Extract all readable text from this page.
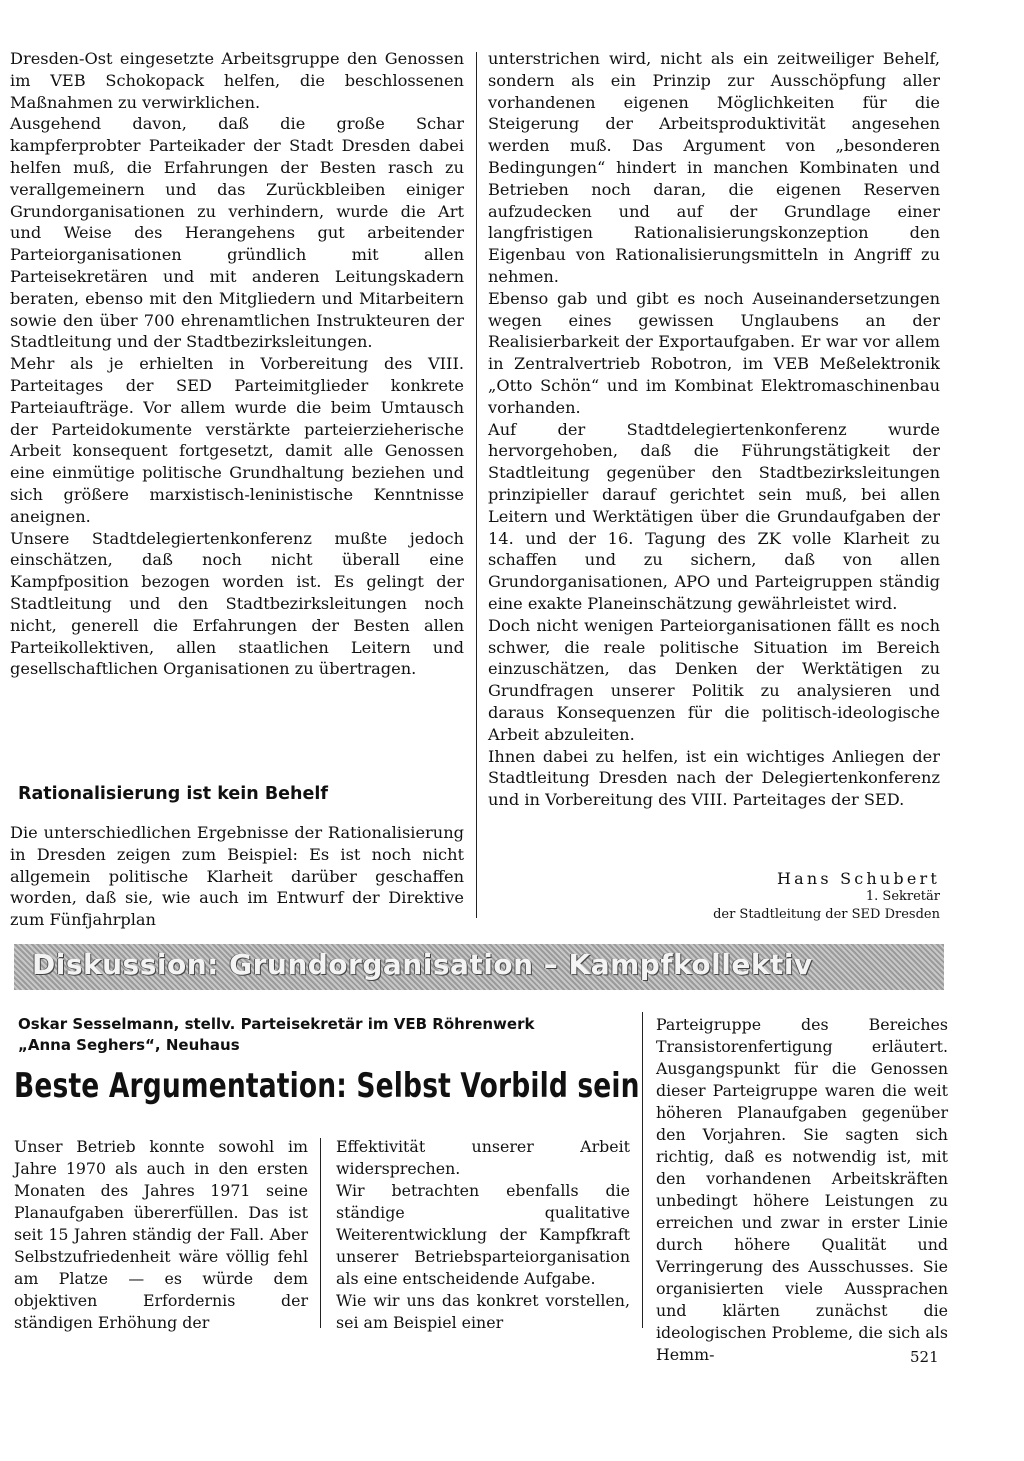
Dresden-Ost eingesetzte Arbeitsgruppe den Genossen im VEB Schokopack helfen, die beschlossenen Maßnahmen zu verwirklichen.

Ausgehend davon, daß die große Schar kampferprobter Parteikader der Stadt Dresden dabei helfen muß, die Erfahrungen der Besten rasch zu verallgemeinern und das Zurückbleiben einiger Grundorganisationen zu verhindern, wurde die Art und Weise des Herangehens gut arbeitender Parteiorganisationen gründlich mit allen Parteisekretären und mit anderen Leitungskadern beraten, ebenso mit den Mitgliedern und Mitarbeitern sowie den über 700 ehrenamtlichen Instrukteuren der Stadtleitung und der Stadtbezirksleitungen.

Mehr als je erhielten in Vorbereitung des VIII. Parteitages der SED Parteimitglieder konkrete Parteiaufträge. Vor allem wurde die beim Umtausch der Parteidokumente verstärkte parteierzieherische Arbeit konsequent fortgesetzt, damit alle Genossen eine einmütige politische Grundhaltung beziehen und sich größere marxistisch-leninistische Kenntnisse aneignen.

Unsere Stadtdelegiertenkonferenz mußte jedoch einschätzen, daß noch nicht überall eine Kampfposition bezogen worden ist. Es gelingt der Stadtleitung und den Stadtbezirksleitungen noch nicht, generell die Erfahrungen der Besten allen Parteikollektiven, allen staatlichen Leitern und gesellschaftlichen Organisationen zu übertragen.

Rationalisierung ist kein Behelf

Die unterschiedlichen Ergebnisse der Rationalisierung in Dresden zeigen zum Beispiel: Es ist noch nicht allgemein politische Klarheit darüber geschaffen worden, daß sie, wie auch im Entwurf der Direktive zum Fünfjahrplan

unterstrichen wird, nicht als ein zeitweiliger Behelf, sondern als ein Prinzip zur Ausschöpfung aller vorhandenen eigenen Möglichkeiten für die Steigerung der Arbeitsproduktivität angesehen werden muß. Das Argument von „besonderen Bedingungen“ hindert in manchen Kombinaten und Betrieben noch daran, die eigenen Reserven aufzudecken und auf der Grundlage einer langfristigen Rationalisierungskonzeption den Eigenbau von Rationalisierungsmitteln in Angriff zu nehmen.

Ebenso gab und gibt es noch Auseinandersetzungen wegen eines gewissen Unglaubens an der Realisierbarkeit der Exportaufgaben. Er war vor allem in Zentralvertrieb Robotron, im VEB Meßelektronik „Otto Schön“ und im Kombinat Elektromaschinenbau vorhanden.

Auf der Stadtdelegiertenkonferenz wurde hervorgehoben, daß die Führungstätigkeit der Stadtleitung gegenüber den Stadtbezirksleitungen prinzipieller darauf gerichtet sein muß, bei allen Leitern und Werktätigen über die Grundaufgaben der 14. und der 16. Tagung des ZK volle Klarheit zu schaffen und zu sichern, daß von allen Grundorganisationen, APO und Parteigruppen ständig eine exakte Planeinschätzung gewährleistet wird.

Doch nicht wenigen Parteiorganisationen fällt es noch schwer, die reale politische Situation im Bereich einzuschätzen, das Denken der Werktätigen zu Grundfragen unserer Politik zu analysieren und daraus Konsequenzen für die politisch-ideologische Arbeit abzuleiten.

Ihnen dabei zu helfen, ist ein wichtiges Anliegen der Stadtleitung Dresden nach der Delegiertenkonferenz und in Vorbereitung des VIII. Parteitages der SED.

Hans Schubert
1. Sekretär
der Stadtleitung der SED Dresden
Diskussion: Grundorganisation – Kampfkollektiv
Oskar Sesselmann, stellv. Parteisekretär im VEB Röhrenwerk
„Anna Seghers“, Neuhaus
Beste Argumentation: Selbst Vorbild sein

Unser Betrieb konnte sowohl im Jahre 1970 als auch in den ersten Monaten des Jahres 1971 seine Planaufgaben übererfüllen. Das ist seit 15 Jahren ständig der Fall. Aber Selbstzufriedenheit wäre völlig fehl am Platze — es würde dem objektiven Erfordernis der ständigen Erhöhung der

Effektivität unserer Arbeit widersprechen.

Wir betrachten ebenfalls die ständige qualitative Weiterentwicklung der Kampfkraft unserer Betriebsparteiorganisation als eine entscheidende Aufgabe.

Wie wir uns das konkret vorstellen, sei am Beispiel einer

Parteigruppe des Bereiches Transistorenfertigung erläutert. Ausgangspunkt für die Genossen dieser Parteigruppe waren die weit höheren Planaufgaben gegenüber den Vorjahren. Sie sagten sich richtig, daß es notwendig ist, mit den vorhandenen Arbeitskräften unbedingt höhere Leistungen zu erreichen und zwar in erster Linie durch höhere Qualität und Verringerung des Ausschusses. Sie organisierten viele Aussprachen und klärten zunächst die ideologischen Probleme, die sich als Hemm-	521
